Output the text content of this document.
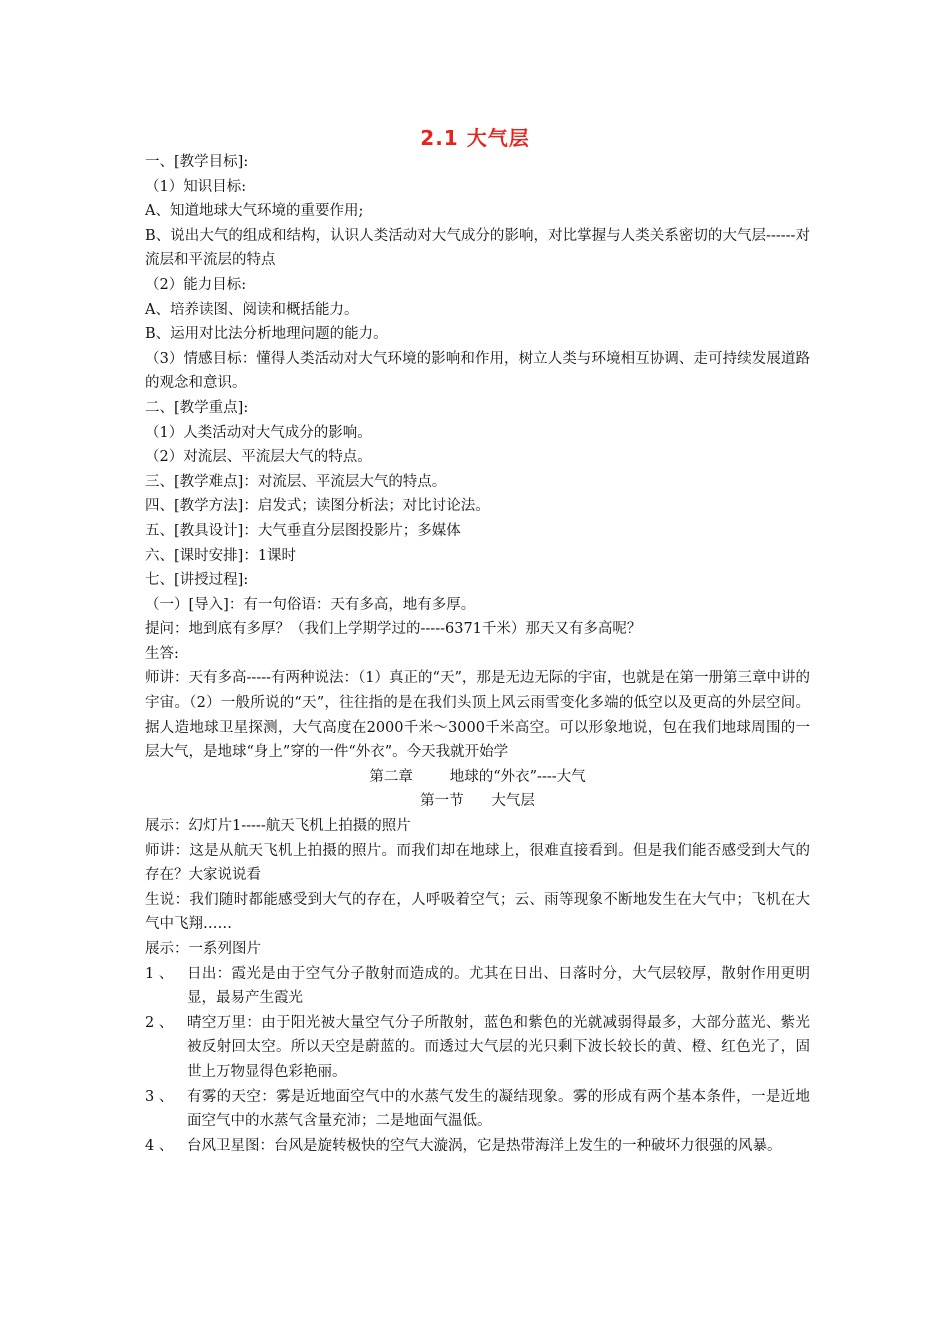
2.1 大气层

一、[教学目标]:

（1）知识目标:

A、知道地球大气环境的重要作用;

B、说出大气的组成和结构，认识人类活动对大气成分的影响，对比掌握与人类关系密切的大气层------对流层和平流层的特点

（2）能力目标:

A、培养读图、阅读和概括能力。

B、运用对比法分析地理问题的能力。

（3）情感目标：懂得人类活动对大气环境的影响和作用，树立人类与环境相互协调、走可持续发展道路的观念和意识。

二、[教学重点]:

（1）人类活动对大气成分的影响。

（2）对流层、平流层大气的特点。

三、[教学难点]：对流层、平流层大气的特点。

四、[教学方法]：启发式；读图分析法；对比讨论法。

五、[教具设计]：大气垂直分层图投影片；多媒体

六、[课时安排]：1课时

七、[讲授过程]:

（一）[导入]：有一句俗语：天有多高，地有多厚。

提问：地到底有多厚？（我们上学期学过的-----6371千米）那天又有多高呢？

生答:

师讲：天有多高-----有两种说法：（1）真正的“天”，那是无边无际的宇宙，也就是在第一册第三章中讲的宇宙。（2）一般所说的“天”，往往指的是在我们头顶上风云雨雪变化多端的低空以及更高的外层空间。据人造地球卫星探测，大气高度在2000千米～3000千米高空。可以形象地说，包在我们地球周围的一层大气，是地球“身上”穿的一件“外衣”。今天我就开始学

第二章        地球的“外衣”----大气

第一节      大气层

展示：幻灯片1-----航天飞机上拍摄的照片

师讲：这是从航天飞机上拍摄的照片。而我们却在地球上，很难直接看到。但是我们能否感受到大气的存在？大家说说看

生说：我们随时都能感受到大气的存在，人呼吸着空气；云、雨等现象不断地发生在大气中；飞机在大气中飞翔……

展示：一系列图片

1 、 日出：霞光是由于空气分子散射而造成的。尤其在日出、日落时分，大气层较厚，散射作用更明显，最易产生霞光
2 、 晴空万里：由于阳光被大量空气分子所散射，蓝色和紫色的光就减弱得最多，大部分蓝光、紫光被反射回太空。所以天空是蔚蓝的。而透过大气层的光只剩下波长较长的黄、橙、红色光了，固世上万物显得色彩艳丽。
3 、 有雾的天空：雾是近地面空气中的水蒸气发生的凝结现象。雾的形成有两个基本条件，一是近地面空气中的水蒸气含量充沛；二是地面气温低。
4 、 台风卫星图：台风是旋转极快的空气大漩涡，它是热带海洋上发生的一种破坏力很强的风暴。
